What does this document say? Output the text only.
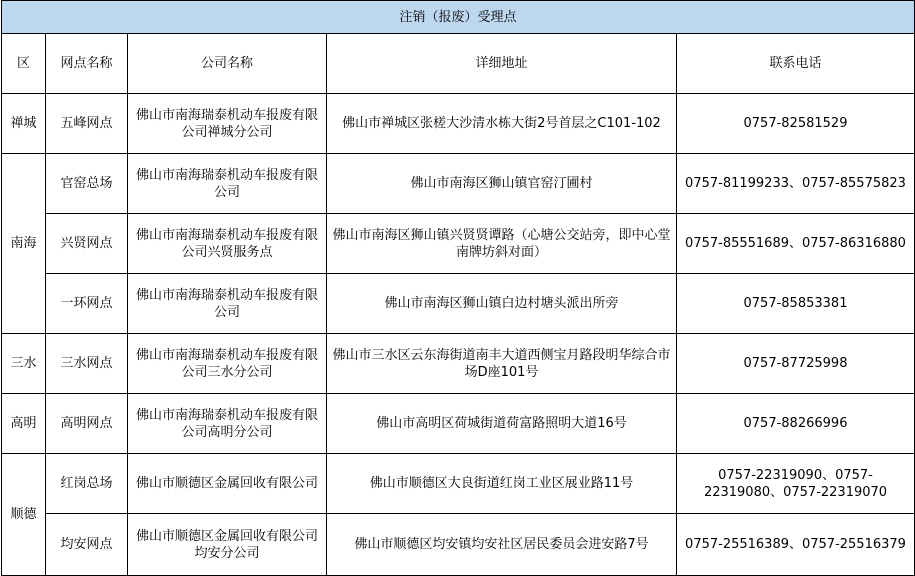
注销（报废）受理点				
区	网点名称	公司名称	详细地址	联系电话
禅城	五峰网点	佛山市南海瑞泰机动车报废有限公司禅城分公司	佛山市禅城区张槎大沙清水栋大街2号首层之C101-102	0757-82581529
南海	官窑总场	佛山市南海瑞泰机动车报废有限公司	佛山市南海区狮山镇官窑汀圃村	0757-81199233、0757-85575823
	兴贤网点	佛山市南海瑞泰机动车报废有限公司兴贤服务点	佛山市南海区狮山镇兴贤贤谭路（心塘公交站旁，即中心堂南牌坊斜对面）	0757-85551689、0757-86316880
	一环网点	佛山市南海瑞泰机动车报废有限公司	佛山市南海区狮山镇白边村塘头派出所旁	0757-85853381
三水	三水网点	佛山市南海瑞泰机动车报废有限公司三水分公司	佛山市三水区云东海街道南丰大道西侧宝月路段明华综合市场D座101号	0757-87725998
高明	高明网点	佛山市南海瑞泰机动车报废有限公司高明分公司	佛山市高明区荷城街道荷富路照明大道16号	0757-88266996
顺德	红岗总场	佛山市顺德区金属回收有限公司	佛山市顺德区大良街道红岗工业区展业路11号	0757-22319090、0757-22319080、0757-22319070
	均安网点	佛山市顺德区金属回收有限公司均安分公司	佛山市顺德区均安镇均安社区居民委员会进安路7号	0757-25516389、0757-25516379
